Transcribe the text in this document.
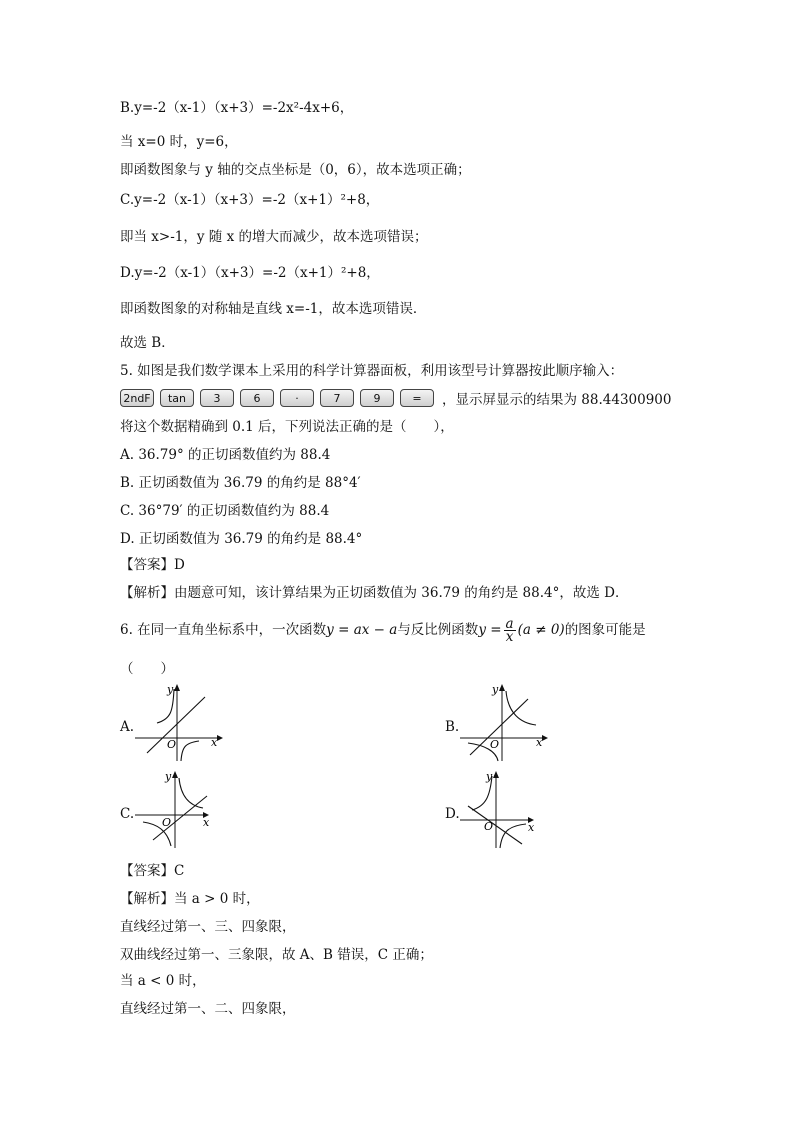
B.y=-2（x-1）（x+3）=-2x²-4x+6，
当 x=0 时，y=6，
即函数图象与 y 轴的交点坐标是（0，6），故本选项正确；
C.y=-2（x-1）（x+3）=-2（x+1）²+8，
即当 x>-1，y 随 x 的增大而减少，故本选项错误；
D.y=-2（x-1）（x+3）=-2（x+1）²+8，
即函数图象的对称轴是直线 x=-1，故本选项错误．
故选 B．
5. 如图是我们数学课本上采用的科学计算器面板，利用该型号计算器按此顺序输入：
2ndF	tan	3	6	·	7	9	=	，显示屏显示的结果为 88.44300900
将这个数据精确到 0.1 后，下列说法正确的是（　　），
A. 36.79° 的正切函数值约为 88.4
B. 正切函数值为 36.79 的角约是 88°4′
C. 36°79′ 的正切函数值约为 88.4
D. 正切函数值为 36.79 的角约是 88.4°
【答案】D
【解析】由题意可知，该计算结果为正切函数值为 36.79 的角约是 88.4°，故选 D．
6. 在同一直角坐标系中，一次函数y = ax − a与反比例函数$y = \frac{a}{x} (a \ne 0)$的图象可能是
（　　）
A.
O	x
y
B.
O	x
y
C.
O	x
y
D.
O	x
y
【答案】C
【解析】当 a > 0 时，
直线经过第一、三、四象限，
双曲线经过第一、三象限，故 A、B 错误，C 正确；
当 a < 0 时，
直线经过第一、二、四象限，
